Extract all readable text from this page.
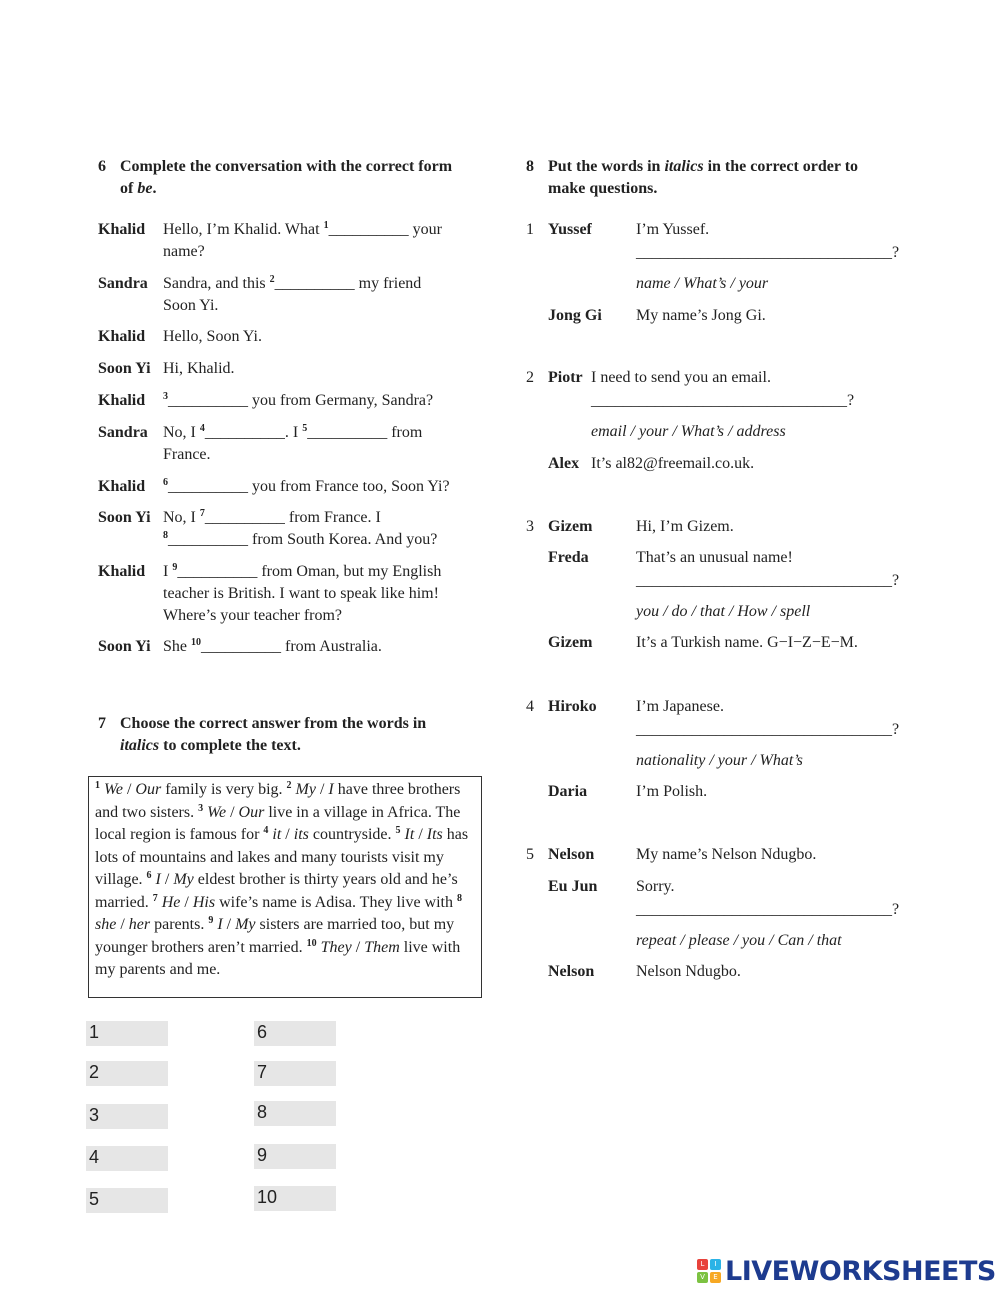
6 Complete the conversation with the correct form
of be.
Khalid Hello, I’m Khalid. What $^1$__________ your
name?
Sandra Sandra, and this $^2$__________ my friend
Soon Yi.
Khalid Hello, Soon Yi.
Soon Yi Hi, Khalid.
Khalid $^3$__________ you from Germany, Sandra?
Sandra No, I $^4$__________. I $^5$__________ from
France.
Khalid $^6$__________ you from France too, Soon Yi?
Soon Yi No, I $^7$__________ from France. I
$^8$__________ from South Korea. And you?
Khalid I $^9$__________ from Oman, but my English
teacher is British. I want to speak like him!
Where’s your teacher from?
Soon Yi She $^{10}$__________ from Australia.
7 Choose the correct answer from the words in
italics to complete the text.
$^1$ We / Our family is very big. $^2$ My / I have three brothers and two sisters. $^3$ We / Our live in a village in Africa. The local region is famous for $^4$ it / its countryside. $^5$ It / Its has lots of mountains and lakes and many tourists visit my village. $^6$ I / My eldest brother is thirty years old and he’s married. $^7$ He / His wife’s name is Adisa. They live with $^8$ she / her parents. $^9$ I / My sisters are married too, but my younger brothers aren’t married. $^{10}$ They / Them live with my parents and me.
1
2
3
4
5
6
7
8
9
10
8 Put the words in italics in the correct order to
make questions.
1 Yussef	I’m Yussef.
________________________________?
name / What’s / your
Jong Gi My name’s Jong Gi.
2 Piotr I need to send you an email.
________________________________?
email / your / What’s / address
Alex It’s al82@freemail.co.uk.
3 Gizem	Hi, I’m Gizem.
Freda	That’s an unusual name!
________________________________?
you / do / that / How / spell
Gizem	It’s a Turkish name. G−I−Z−E−M.
4 Hiroko I’m Japanese.
________________________________?
nationality / your / What’s
Daria	I’m Polish.
5 Nelson	My name’s Nelson Ndugbo.
Eu Jun Sorry.
________________________________?
repeat / please / you / Can / that
Nelson	Nelson Ndugbo.
L	I
V	E LIVEWORKSHEETS
